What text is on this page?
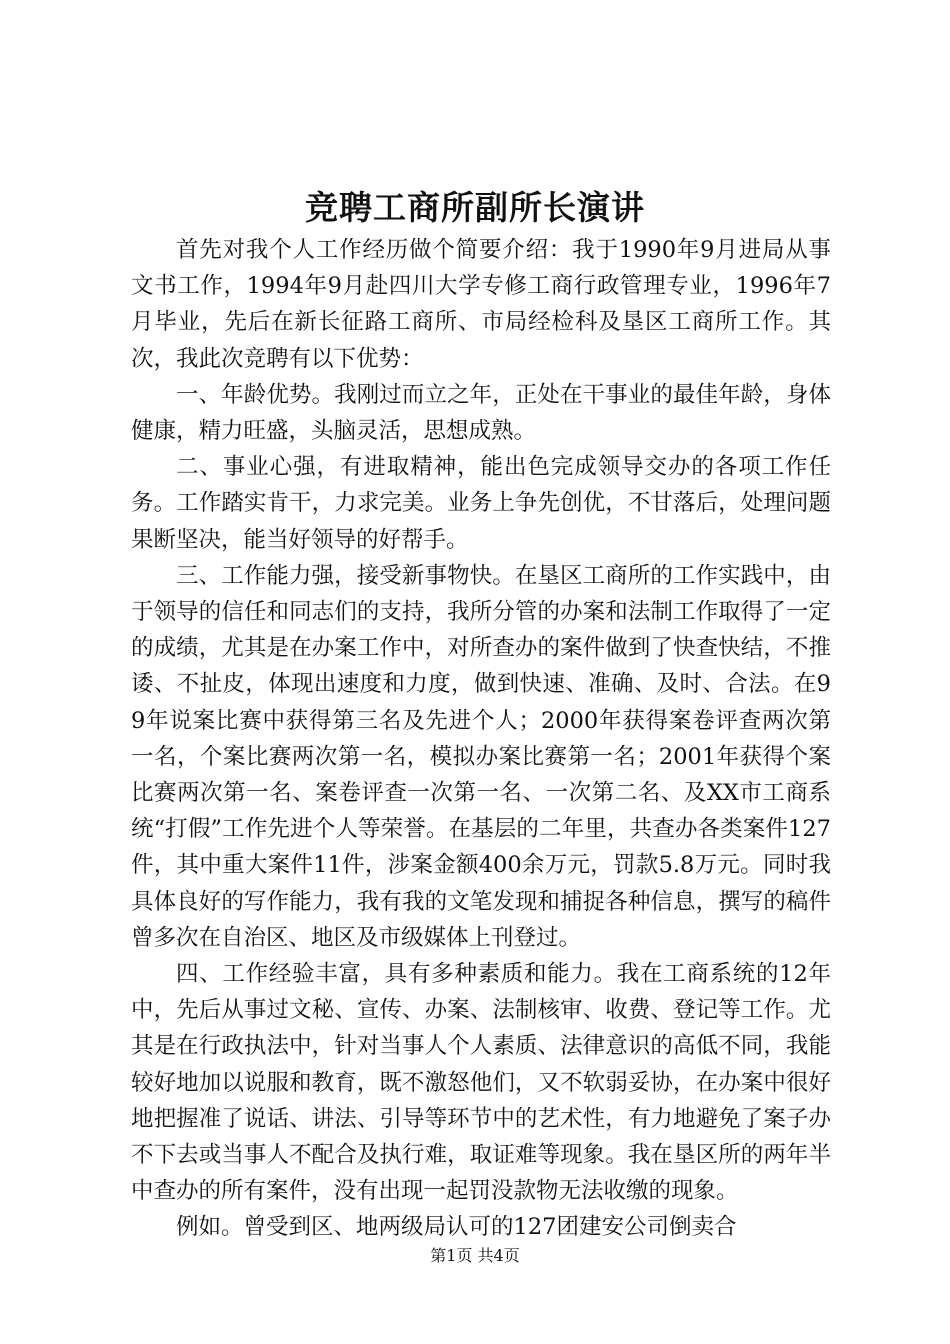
竞聘工商所副所长演讲

首先对我个人工作经历做个简要介绍：我于1990年9月进局从事文书工作，1994年9月赴四川大学专修工商行政管理专业，1996年7月毕业，先后在新长征路工商所、市局经检科及垦区工商所工作。其次，我此次竞聘有以下优势：

一、年龄优势。我刚过而立之年，正处在干事业的最佳年龄，身体健康，精力旺盛，头脑灵活，思想成熟。

二、事业心强，有进取精神，能出色完成领导交办的各项工作任务。工作踏实肯干，力求完美。业务上争先创优，不甘落后，处理问题果断坚决，能当好领导的好帮手。

三、工作能力强，接受新事物快。在垦区工商所的工作实践中，由于领导的信任和同志们的支持，我所分管的办案和法制工作取得了一定的成绩，尤其是在办案工作中，对所查办的案件做到了快查快结，不推诿、不扯皮，体现出速度和力度，做到快速、准确、及时、合法。在99年说案比赛中获得第三名及先进个人；2000年获得案卷评查两次第一名，个案比赛两次第一名，模拟办案比赛第一名；2001年获得个案比赛两次第一名、案卷评查一次第一名、一次第二名、及XX市工商系统“打假”工作先进个人等荣誉。在基层的二年里，共查办各类案件127件，其中重大案件11件，涉案金额400余万元，罚款5.8万元。同时我具体良好的写作能力，我有我的文笔发现和捕捉各种信息，撰写的稿件曾多次在自治区、地区及市级媒体上刊登过。

四、工作经验丰富，具有多种素质和能力。我在工商系统的12年中，先后从事过文秘、宣传、办案、法制核审、收费、登记等工作。尤其是在行政执法中，针对当事人个人素质、法律意识的高低不同，我能较好地加以说服和教育，既不激怒他们，又不软弱妥协，在办案中很好地把握准了说话、讲法、引导等环节中的艺术性，有力地避免了案子办不下去或当事人不配合及执行难，取证难等现象。我在垦区所的两年半中查办的所有案件，没有出现一起罚没款物无法收缴的现象。

例如。曾受到区、地两级局认可的127团建安公司倒卖合

第1页 共4页
